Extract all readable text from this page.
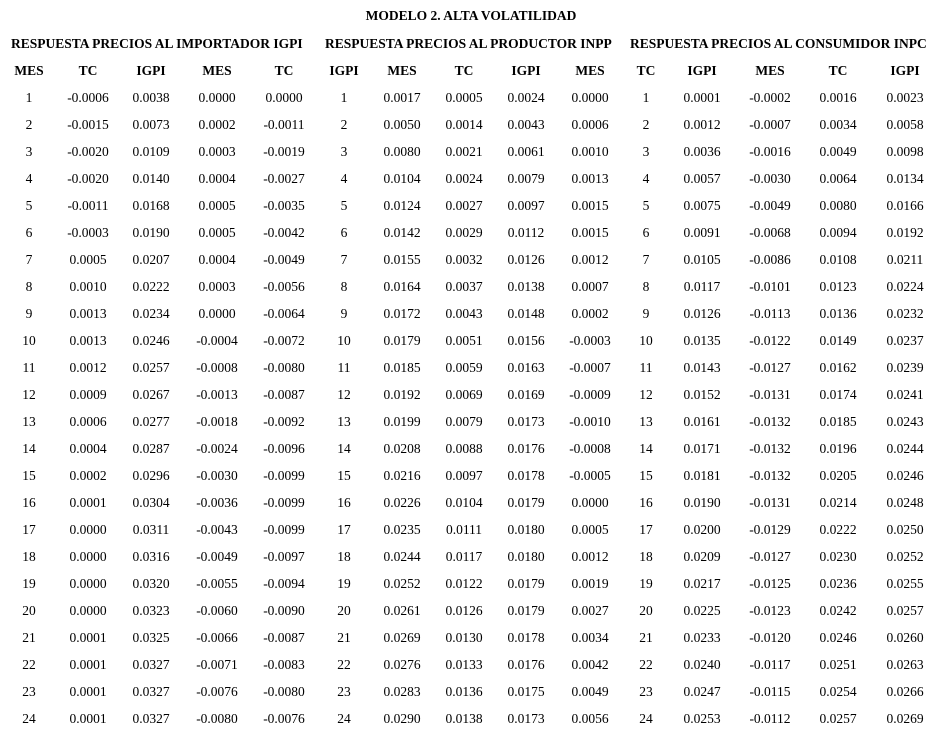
MODELO 2. ALTA VOLATILIDAD
RESPUESTA PRECIOS AL IMPORTADOR IGPI RESPUESTA PRECIOS AL PRODUCTOR INPP RESPUESTA PRECIOS AL CONSUMIDOR INPC
MES	TC	IGPI	MES	TC	IGPI	MES	TC	IGPI	MES	TC	IGPI	MES	TC	IGPI
1	-0.0006	0.0038	0.0000	0.0000	1	0.0017	0.0005	0.0024	0.0000	1	0.0001	-0.0002	0.0016	0.0023
2	-0.0015	0.0073	0.0002	-0.0011	2	0.0050	0.0014	0.0043	0.0006	2	0.0012	-0.0007	0.0034	0.0058
3	-0.0020	0.0109	0.0003	-0.0019	3	0.0080	0.0021	0.0061	0.0010	3	0.0036	-0.0016	0.0049	0.0098
4	-0.0020	0.0140	0.0004	-0.0027	4	0.0104	0.0024	0.0079	0.0013	4	0.0057	-0.0030	0.0064	0.0134
5	-0.0011	0.0168	0.0005	-0.0035	5	0.0124	0.0027	0.0097	0.0015	5	0.0075	-0.0049	0.0080	0.0166
6	-0.0003	0.0190	0.0005	-0.0042	6	0.0142	0.0029	0.0112	0.0015	6	0.0091	-0.0068	0.0094	0.0192
7	0.0005	0.0207	0.0004	-0.0049	7	0.0155	0.0032	0.0126	0.0012	7	0.0105	-0.0086	0.0108	0.0211
8	0.0010	0.0222	0.0003	-0.0056	8	0.0164	0.0037	0.0138	0.0007	8	0.0117	-0.0101	0.0123	0.0224
9	0.0013	0.0234	0.0000	-0.0064	9	0.0172	0.0043	0.0148	0.0002	9	0.0126	-0.0113	0.0136	0.0232
10	0.0013	0.0246	-0.0004	-0.0072	10	0.0179	0.0051	0.0156	-0.0003	10	0.0135	-0.0122	0.0149	0.0237
11	0.0012	0.0257	-0.0008	-0.0080	11	0.0185	0.0059	0.0163	-0.0007	11	0.0143	-0.0127	0.0162	0.0239
12	0.0009	0.0267	-0.0013	-0.0087	12	0.0192	0.0069	0.0169	-0.0009	12	0.0152	-0.0131	0.0174	0.0241
13	0.0006	0.0277	-0.0018	-0.0092	13	0.0199	0.0079	0.0173	-0.0010	13	0.0161	-0.0132	0.0185	0.0243
14	0.0004	0.0287	-0.0024	-0.0096	14	0.0208	0.0088	0.0176	-0.0008	14	0.0171	-0.0132	0.0196	0.0244
15	0.0002	0.0296	-0.0030	-0.0099	15	0.0216	0.0097	0.0178	-0.0005	15	0.0181	-0.0132	0.0205	0.0246
16	0.0001	0.0304	-0.0036	-0.0099	16	0.0226	0.0104	0.0179	0.0000	16	0.0190	-0.0131	0.0214	0.0248
17	0.0000	0.0311	-0.0043	-0.0099	17	0.0235	0.0111	0.0180	0.0005	17	0.0200	-0.0129	0.0222	0.0250
18	0.0000	0.0316	-0.0049	-0.0097	18	0.0244	0.0117	0.0180	0.0012	18	0.0209	-0.0127	0.0230	0.0252
19	0.0000	0.0320	-0.0055	-0.0094	19	0.0252	0.0122	0.0179	0.0019	19	0.0217	-0.0125	0.0236	0.0255
20	0.0000	0.0323	-0.0060	-0.0090	20	0.0261	0.0126	0.0179	0.0027	20	0.0225	-0.0123	0.0242	0.0257
21	0.0001	0.0325	-0.0066	-0.0087	21	0.0269	0.0130	0.0178	0.0034	21	0.0233	-0.0120	0.0246	0.0260
22	0.0001	0.0327	-0.0071	-0.0083	22	0.0276	0.0133	0.0176	0.0042	22	0.0240	-0.0117	0.0251	0.0263
23	0.0001	0.0327	-0.0076	-0.0080	23	0.0283	0.0136	0.0175	0.0049	23	0.0247	-0.0115	0.0254	0.0266
24	0.0001	0.0327	-0.0080	-0.0076	24	0.0290	0.0138	0.0173	0.0056	24	0.0253	-0.0112	0.0257	0.0269
